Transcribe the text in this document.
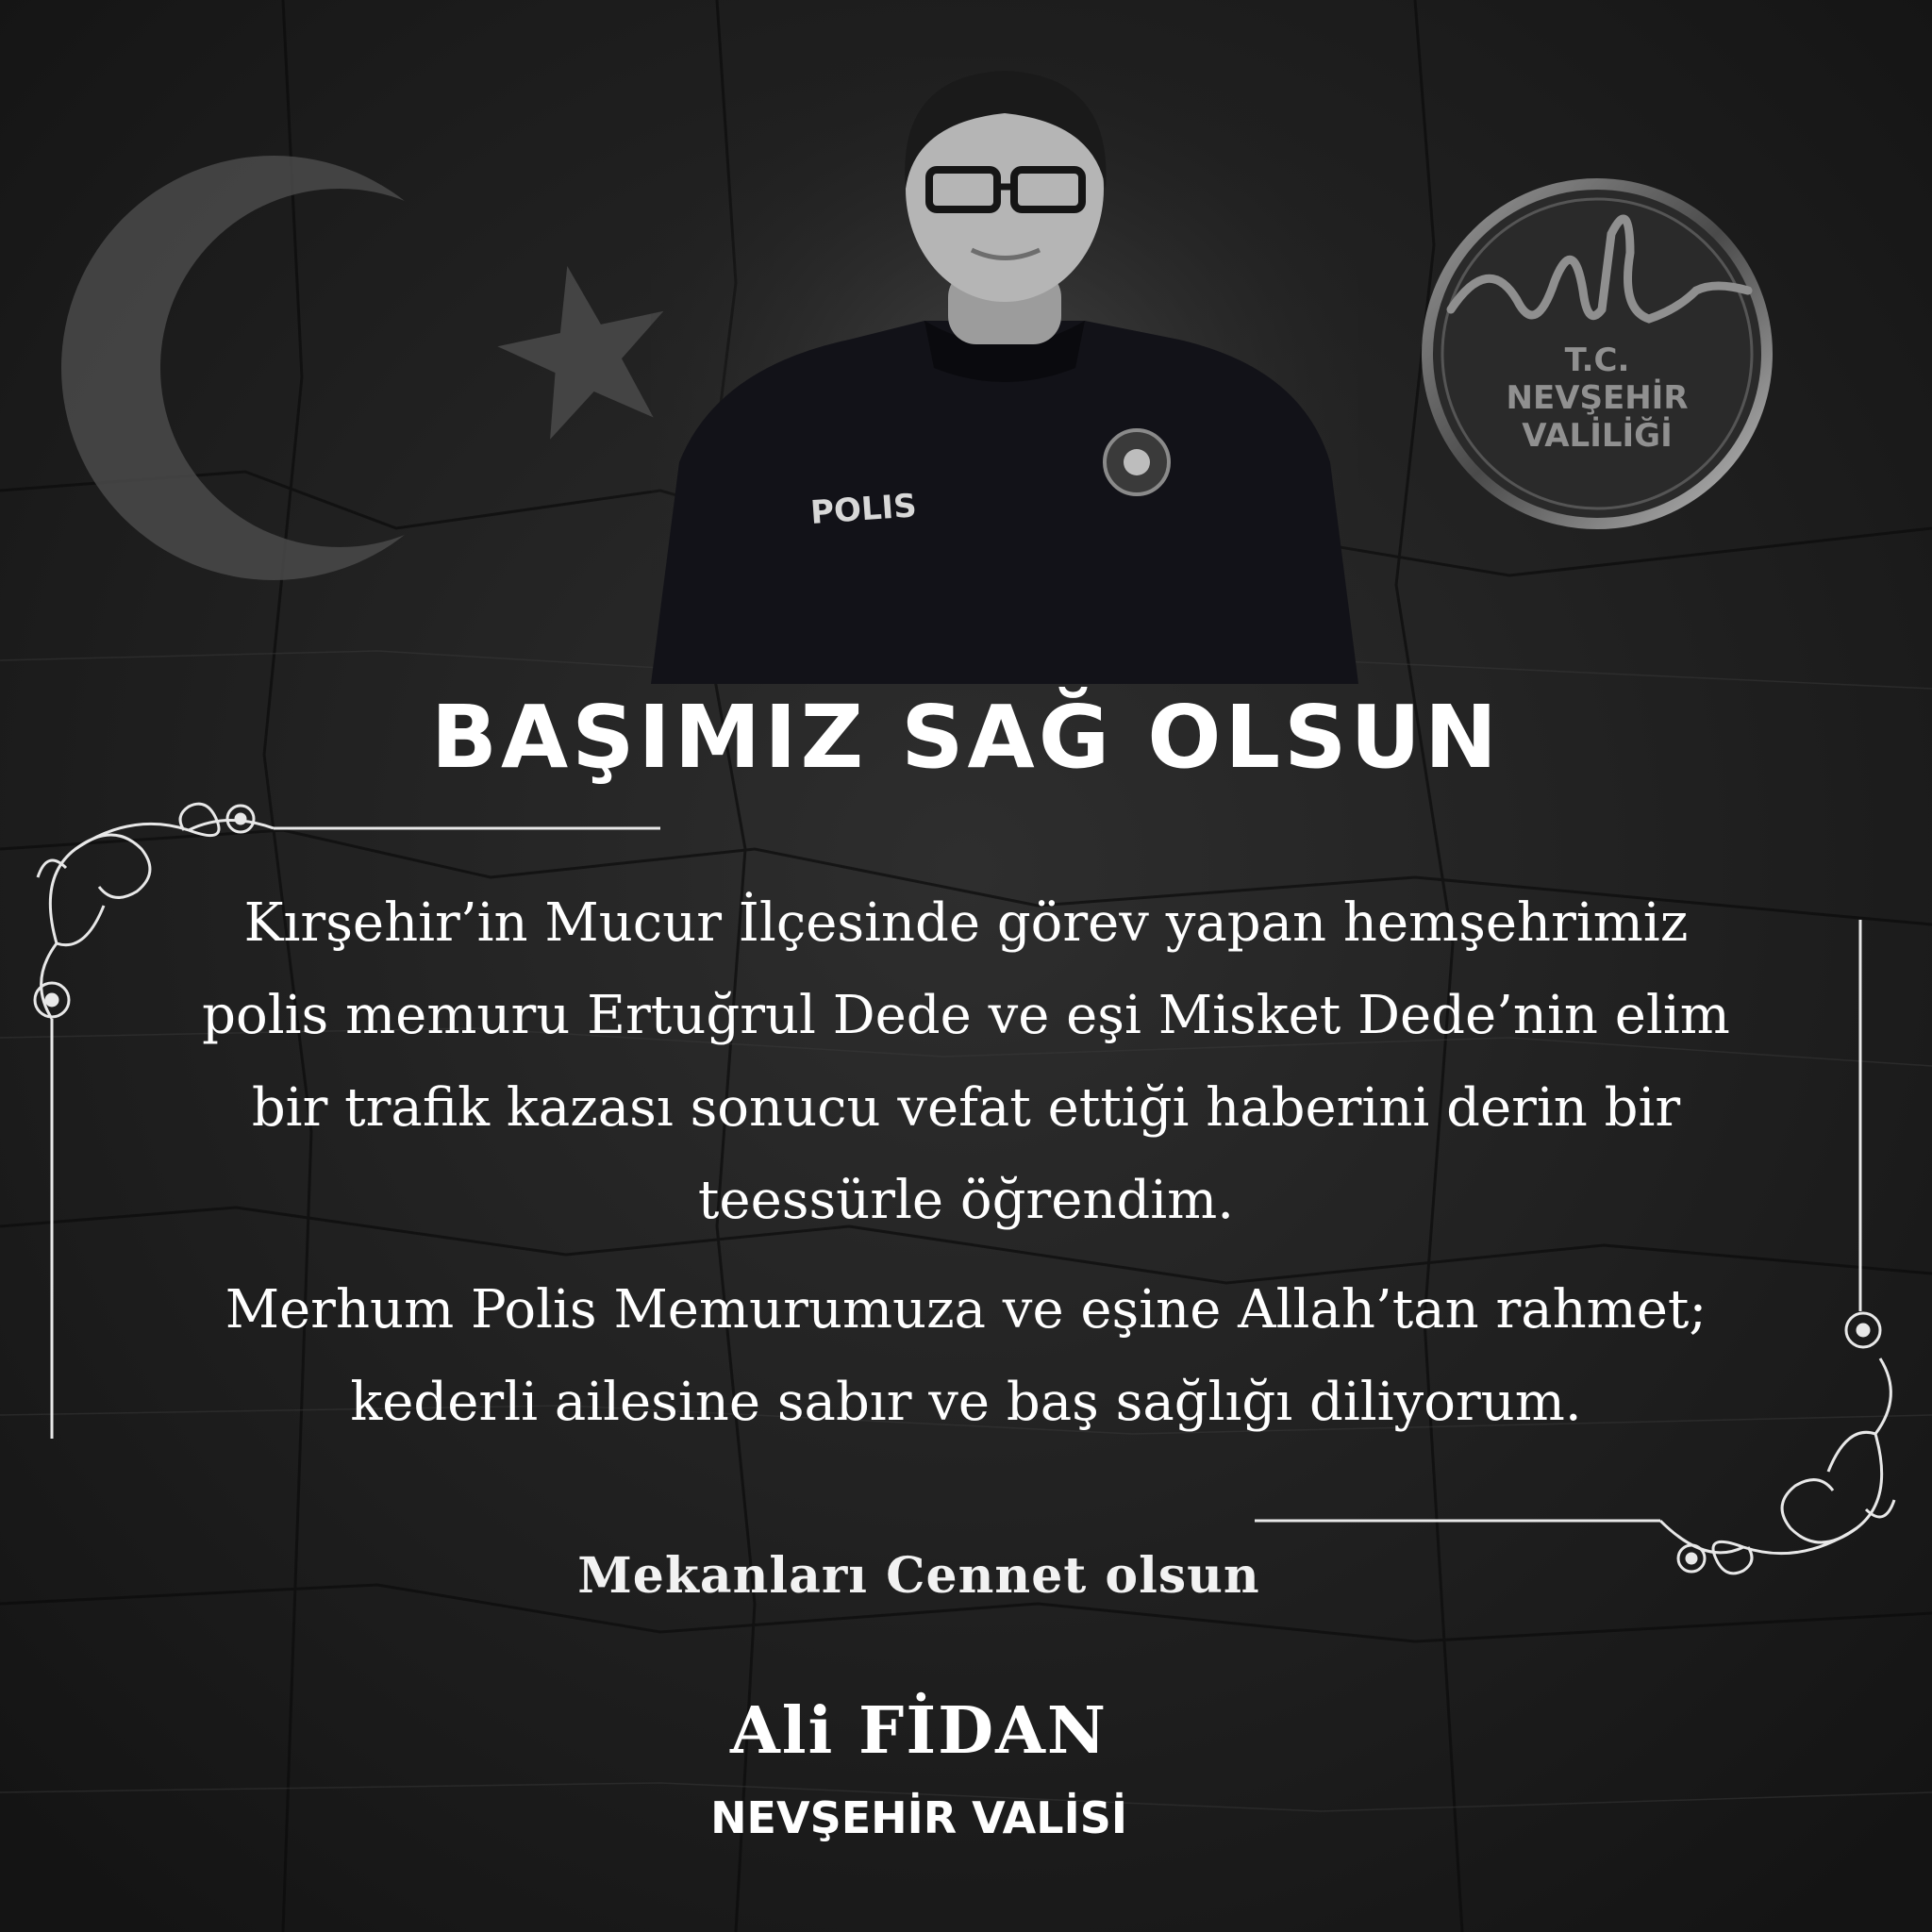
POLIS
T.C.
NEVŞEHİR
VALİLİĞİ
BAŞIMIZ SAĞ OLSUN
Kırşehir’in Mucur İlçesinde görev yapan hemşehrimiz
polis memuru Ertuğrul Dede ve eşi Misket Dede’nin elim
bir trafik kazası sonucu vefat ettiği haberini derin bir
teessürle öğrendim.
Merhum Polis Memurumuza ve eşine Allah’tan rahmet;
kederli ailesine sabır ve baş sağlığı diliyorum.
Mekanları Cennet olsun
Ali FİDAN
NEVŞEHİR VALİSİ
